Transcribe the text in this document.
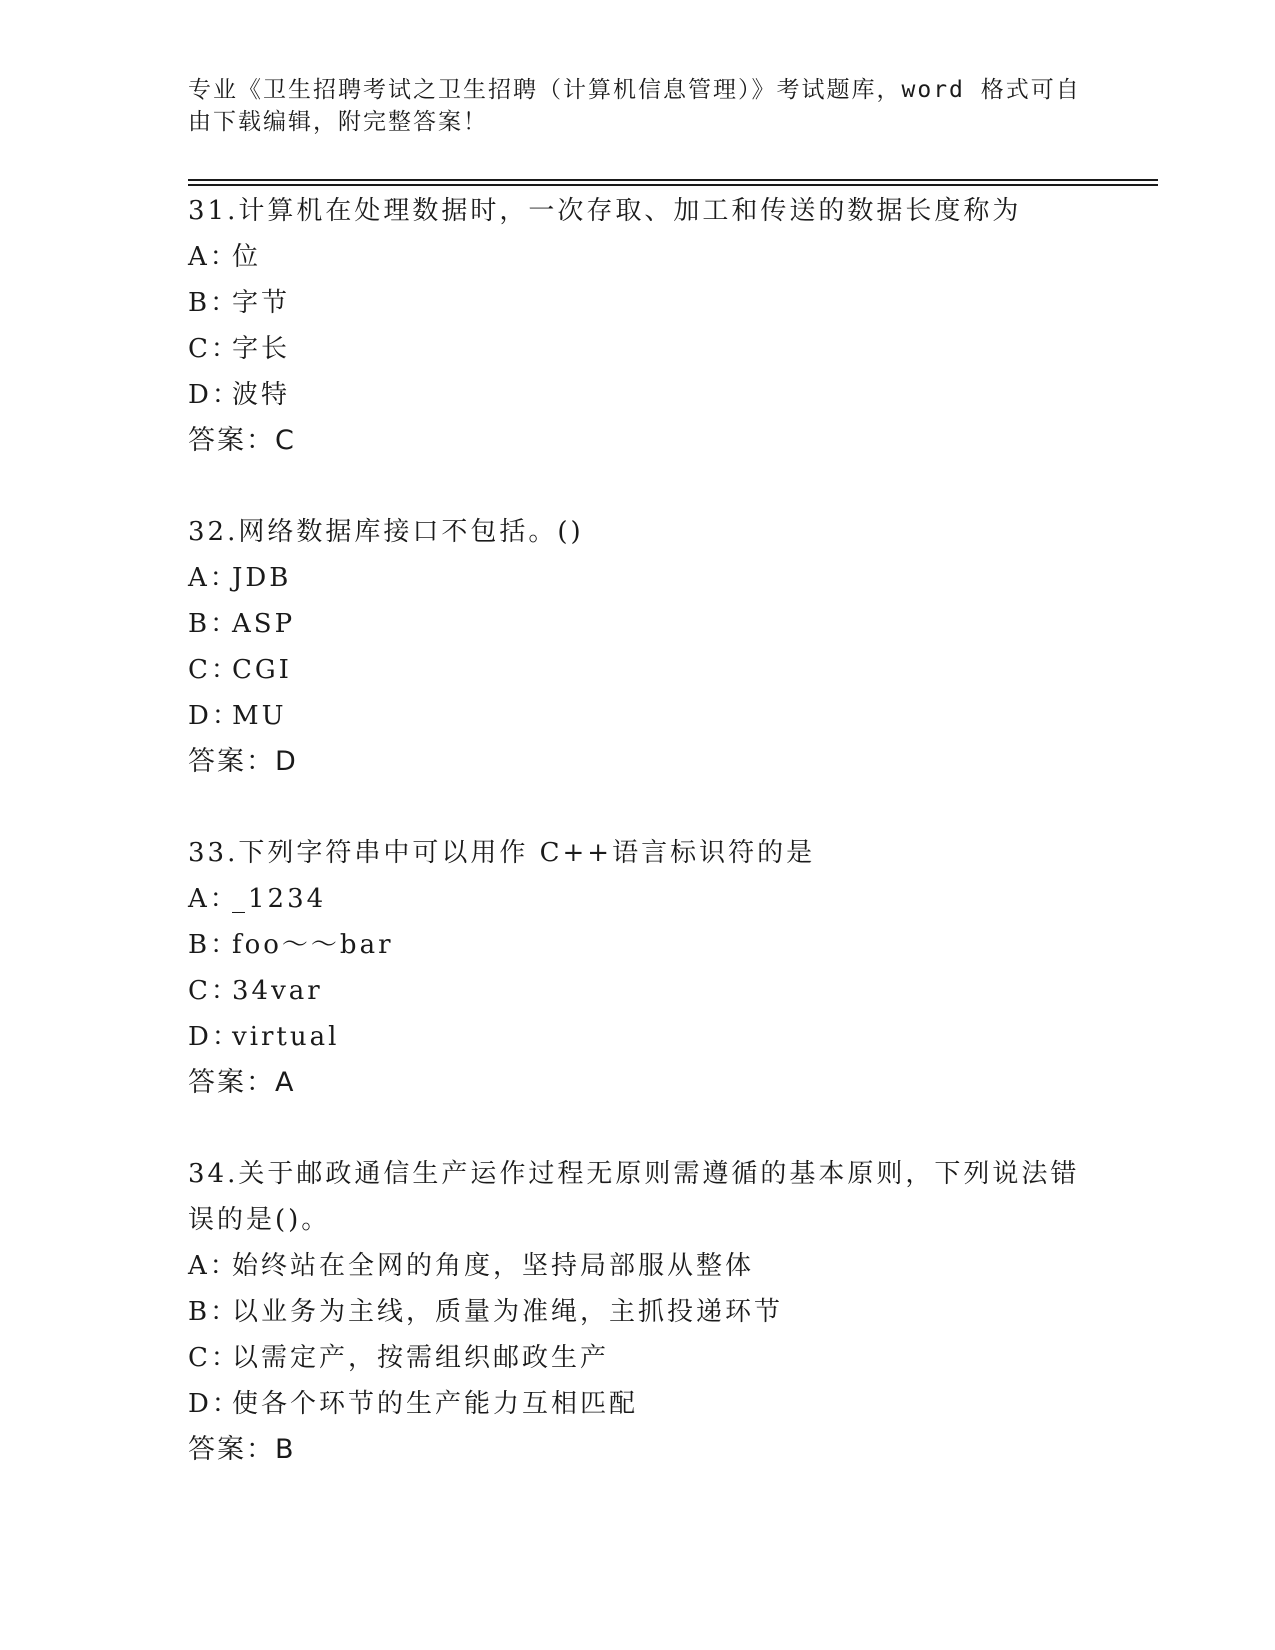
专业《卫生招聘考试之卫生招聘（计算机信息管理）》考试题库，word 格式可自
由下载编辑，附完整答案！

31.计算机在处理数据时，一次存取、加工和传送的数据长度称为

A：位

B：字节

C：字长

D：波特

答案：C

32.网络数据库接口不包括。()

A：JDB

B：ASP

C：CGI

D：MU

答案：D

33.下列字符串中可以用作 C++语言标识符的是

A：_1234

B：foo～～bar

C：34var

D：virtual

答案：A

34.关于邮政通信生产运作过程无原则需遵循的基本原则，下列说法错误的是()。

A：始终站在全网的角度，坚持局部服从整体

B：以业务为主线，质量为准绳，主抓投递环节

C：以需定产，按需组织邮政生产

D：使各个环节的生产能力互相匹配

答案：B
